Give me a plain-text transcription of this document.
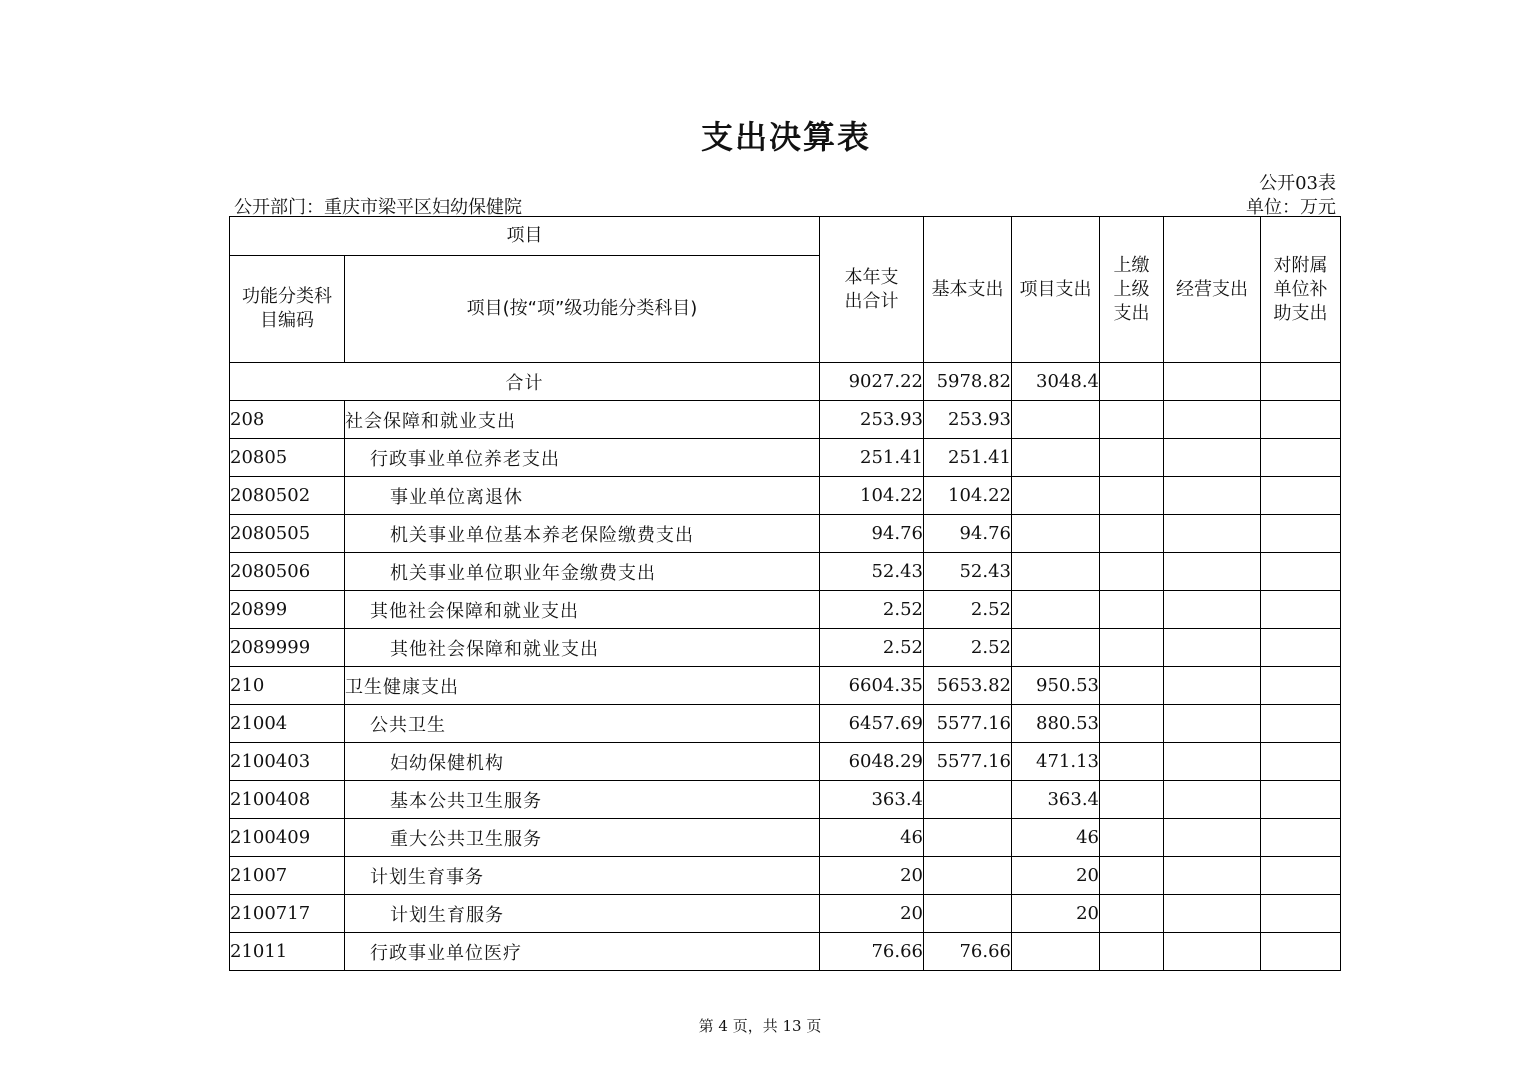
支出决算表
公开03表
公开部门：重庆市梁平区妇幼保健院	单位：万元
项目		本年支出合计	基本支出	项目支出	上缴上级支出	经营支出	对附属单位补助支出

功能分类科目编码	项目(按“项”级功能分类科目)						
合计		9027.22	5978.82	3048.4			
208	社会保障和就业支出	253.93	253.93				
20805	行政事业单位养老支出	251.41	251.41				
2080502	事业单位离退休	104.22	104.22				
2080505	机关事业单位基本养老保险缴费支出	94.76	94.76				
2080506	机关事业单位职业年金缴费支出	52.43	52.43				
20899	其他社会保障和就业支出	2.52	2.52				
2089999	其他社会保障和就业支出	2.52	2.52				
210	卫生健康支出	6604.35	5653.82	950.53			
21004	公共卫生	6457.69	5577.16	880.53			
2100403	妇幼保健机构	6048.29	5577.16	471.13			
2100408	基本公共卫生服务	363.4		363.4			
2100409	重大公共卫生服务	46		46			
21007	计划生育事务	20		20			
2100717	计划生育服务	20		20			
21011	行政事业单位医疗	76.66	76.66				
第 4 页，共 13 页
